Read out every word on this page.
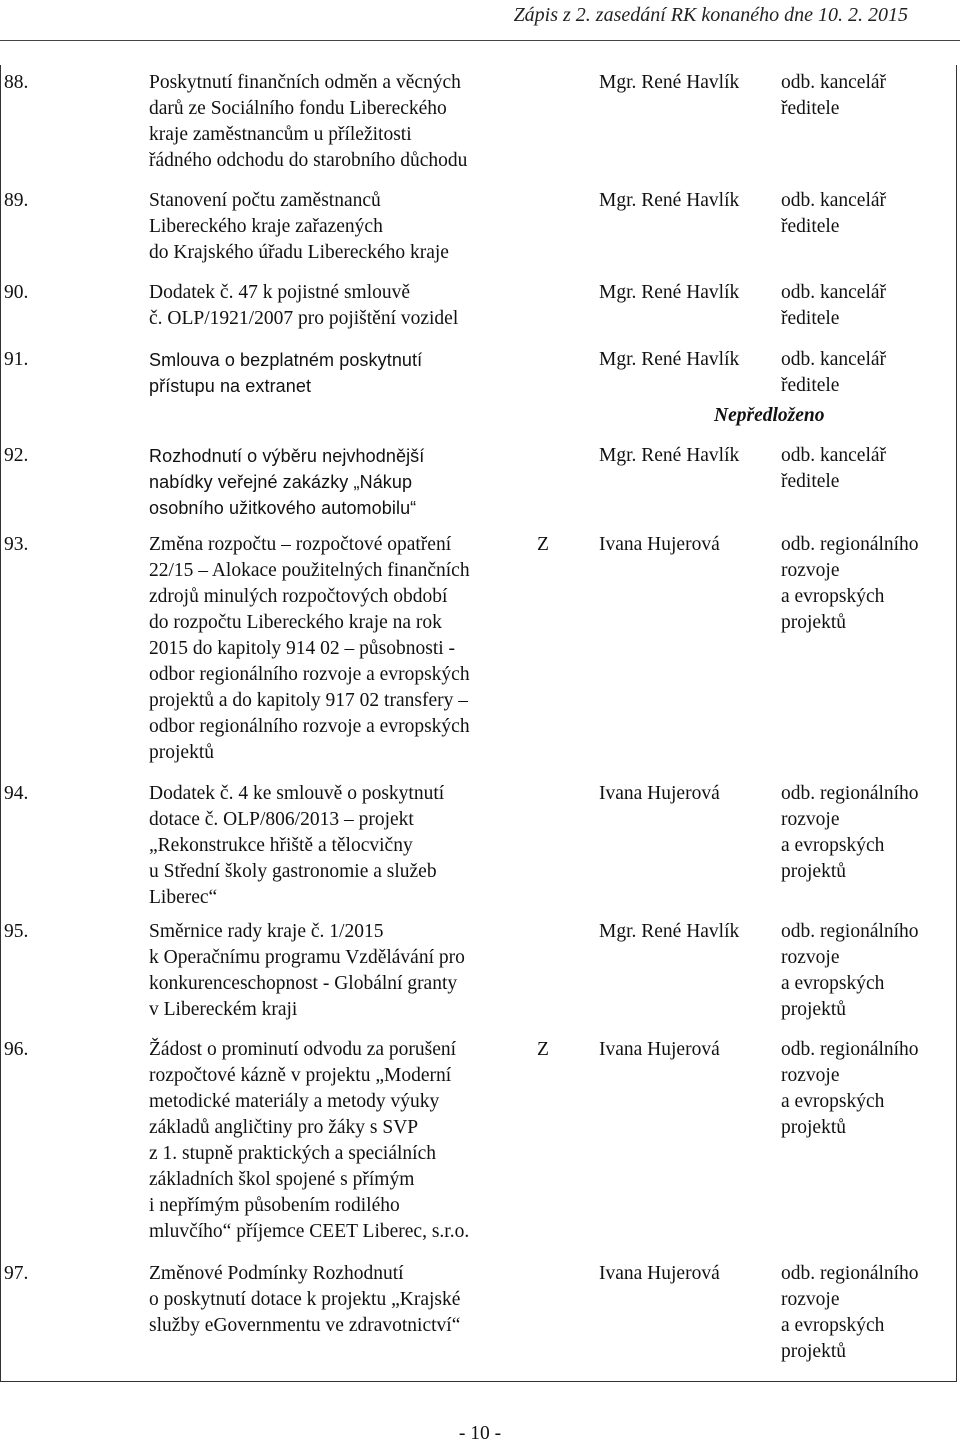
Zápis z 2. zasedání RK konaného dne 10. 2. 2015
88.	Poskytnutí finančních odměn a věcných
darů ze Sociálního fondu Libereckého
kraje zaměstnancům u příležitosti
řádného odchodu do starobního důchodu
Mgr. René Havlík odb. kancelář
ředitele
89.	Stanovení počtu zaměstnanců
Libereckého kraje zařazených
do Krajského úřadu Libereckého kraje
Mgr. René Havlík odb. kancelář
ředitele
90.	Dodatek č. 47 k pojistné smlouvě
č. OLP/1921/2007 pro pojištění vozidel
Mgr. René Havlík odb. kancelář
ředitele
91.	Smlouva o bezplatném poskytnutí
přístupu na extranet
Mgr. René Havlík odb. kancelář
ředitele
Nepředloženo
92.	Rozhodnutí o výběru nejvhodnější
nabídky veřejné zakázky „Nákup
osobního užitkového automobilu“
Mgr. René Havlík odb. kancelář
ředitele
93.	Změna rozpočtu – rozpočtové opatření
22/15 – Alokace použitelných finančních
zdrojů minulých rozpočtových období
do rozpočtu Libereckého kraje na rok
2015 do kapitoly 914 02 – působnosti -
odbor regionálního rozvoje a evropských
projektů a do kapitoly 917 02 transfery –
odbor regionálního rozvoje a evropských
projektů
Z	Ivana Hujerová	odb. regionálního
rozvoje
a evropských
projektů
94.	Dodatek č. 4 ke smlouvě o poskytnutí
dotace č. OLP/806/2013 – projekt
„Rekonstrukce hřiště a tělocvičny
u Střední školy gastronomie a služeb
Liberec“
Ivana Hujerová	odb. regionálního
rozvoje
a evropských
projektů
95.	Směrnice rady kraje č. 1/2015
k Operačnímu programu Vzdělávání pro
konkurenceschopnost - Globální granty
v Libereckém kraji
Mgr. René Havlík odb. regionálního
rozvoje
a evropských
projektů
96.	Žádost o prominutí odvodu za porušení
rozpočtové kázně v projektu „Moderní
metodické materiály a metody výuky
základů angličtiny pro žáky s SVP
z 1. stupně praktických a speciálních
základních škol spojené s přímým
i nepřímým působením rodilého
mluvčího“ příjemce CEET Liberec, s.r.o.
Z	Ivana Hujerová	odb. regionálního
rozvoje
a evropských
projektů
97.	Změnové Podmínky Rozhodnutí
o poskytnutí dotace k projektu „Krajské
služby eGovernmentu ve zdravotnictví“
Ivana Hujerová	odb. regionálního
rozvoje
a evropských
projektů
- 10 -
